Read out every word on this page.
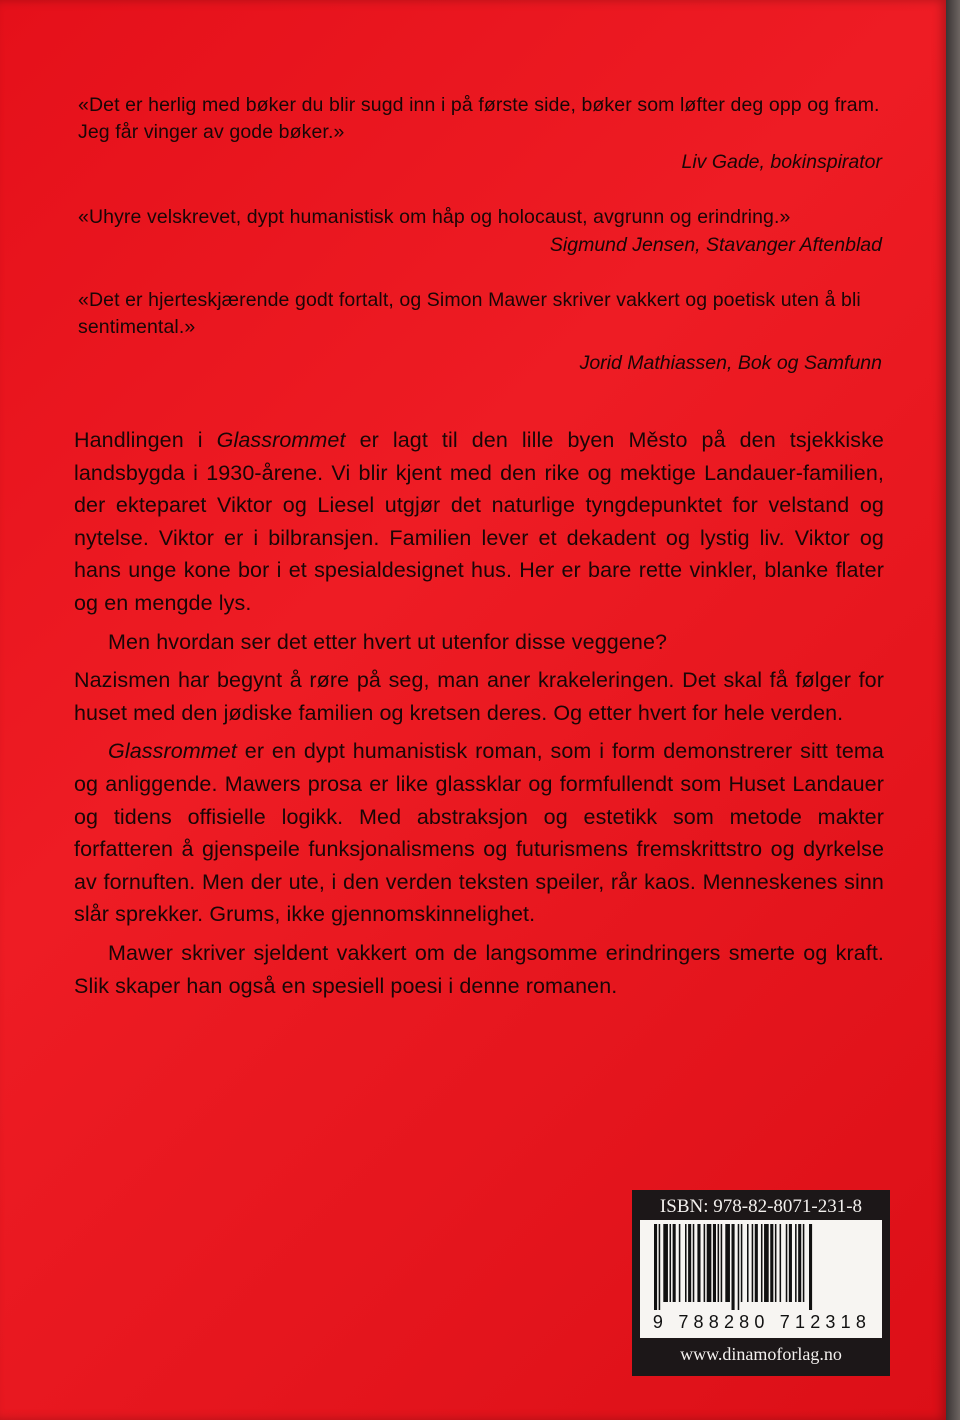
«Det er herlig med bøker du blir sugd inn i på første side, bøker som løfter deg opp og fram. Jeg får vinger av gode bøker.»
Liv Gade, bokinspirator
«Uhyre velskrevet, dypt humanistisk om håp og holocaust, avgrunn og erindring.»
Sigmund Jensen, Stavanger Aftenblad
«Det er hjerteskjærende godt fortalt, og Simon Mawer skriver vakkert og poetisk uten å bli sentimental.»
Jorid Mathiassen, Bok og Samfunn

Handlingen i Glassrommet er lagt til den lille byen Město på den tsjekkiske landsbygda i 1930-årene. Vi blir kjent med den rike og mektige Landauer-familien, der ekteparet Viktor og Liesel utgjør det naturlige tyngdepunktet for velstand og nytelse. Viktor er i bilbransjen. Familien lever et dekadent og lystig liv. Viktor og hans unge kone bor i et spesialdesignet hus. Her er bare rette vinkler, blanke flater og en mengde lys.

Men hvordan ser det etter hvert ut utenfor disse veggene?

Nazismen har begynt å røre på seg, man aner krakeleringen. Det skal få følger for huset med den jødiske familien og kretsen deres. Og etter hvert for hele verden.

Glassrommet er en dypt humanistisk roman, som i form demonstrerer sitt tema og anliggende. Mawers prosa er like glassklar og formfullendt som Huset Landauer og tidens offisielle logikk. Med abstraksjon og estetikk som metode makter forfatteren å gjenspeile funksjonalismens og futurismens fremskrittstro og dyrkelse av fornuften. Men der ute, i den verden teksten speiler, rår kaos. Menneskenes sinn slår sprekker. Grums, ikke gjennomskinnelighet.

Mawer skriver sjeldent vakkert om de langsomme erindringers smerte og kraft. Slik skaper han også en spesiell poesi i denne romanen.

ISBN: 978-82-8071-231-8
9 788280 712318
www.dinamoforlag.no
